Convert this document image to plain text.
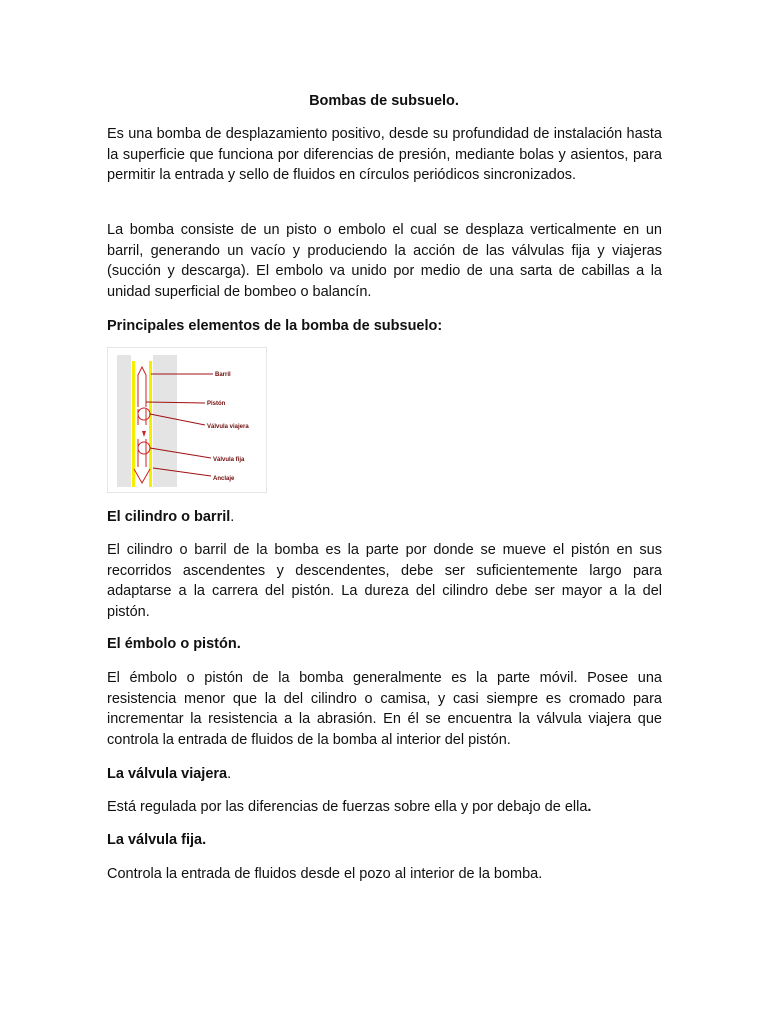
Bombas de subsuelo.

Es una bomba de desplazamiento positivo, desde su profundidad de instalación hasta la superficie que funciona por diferencias de presión, mediante bolas y asientos, para permitir la entrada y sello de fluidos en círculos periódicos sincronizados.

La bomba consiste de un pisto o embolo el cual se desplaza verticalmente en un barril, generando un vacío y produciendo la acción de las válvulas fija y viajeras (succión y descarga). El embolo va unido por medio de una sarta de cabillas a la unidad superficial de bombeo o balancín.

Principales elementos de la bomba de subsuelo:
Barril
Pistón
Válvula viajera
Válvula fija
Anclaje
El cilindro o barril.

El cilindro o barril de la bomba es la parte por donde se mueve el pistón en sus recorridos ascendentes y descendentes, debe ser suficientemente largo para adaptarse a la carrera del pistón. La dureza del cilindro debe ser mayor a la del pistón.

El émbolo o pistón.

El émbolo o pistón de la bomba generalmente es la parte móvil. Posee una resistencia menor que la del cilindro o camisa, y casi siempre es cromado para incrementar la resistencia a la abrasión. En él se encuentra la válvula viajera que controla la entrada de fluidos de la bomba al interior del pistón.

La válvula viajera.

Está regulada por las diferencias de fuerzas sobre ella y por debajo de ella.

La válvula fija.

Controla la entrada de fluidos desde el pozo al interior de la bomba.
